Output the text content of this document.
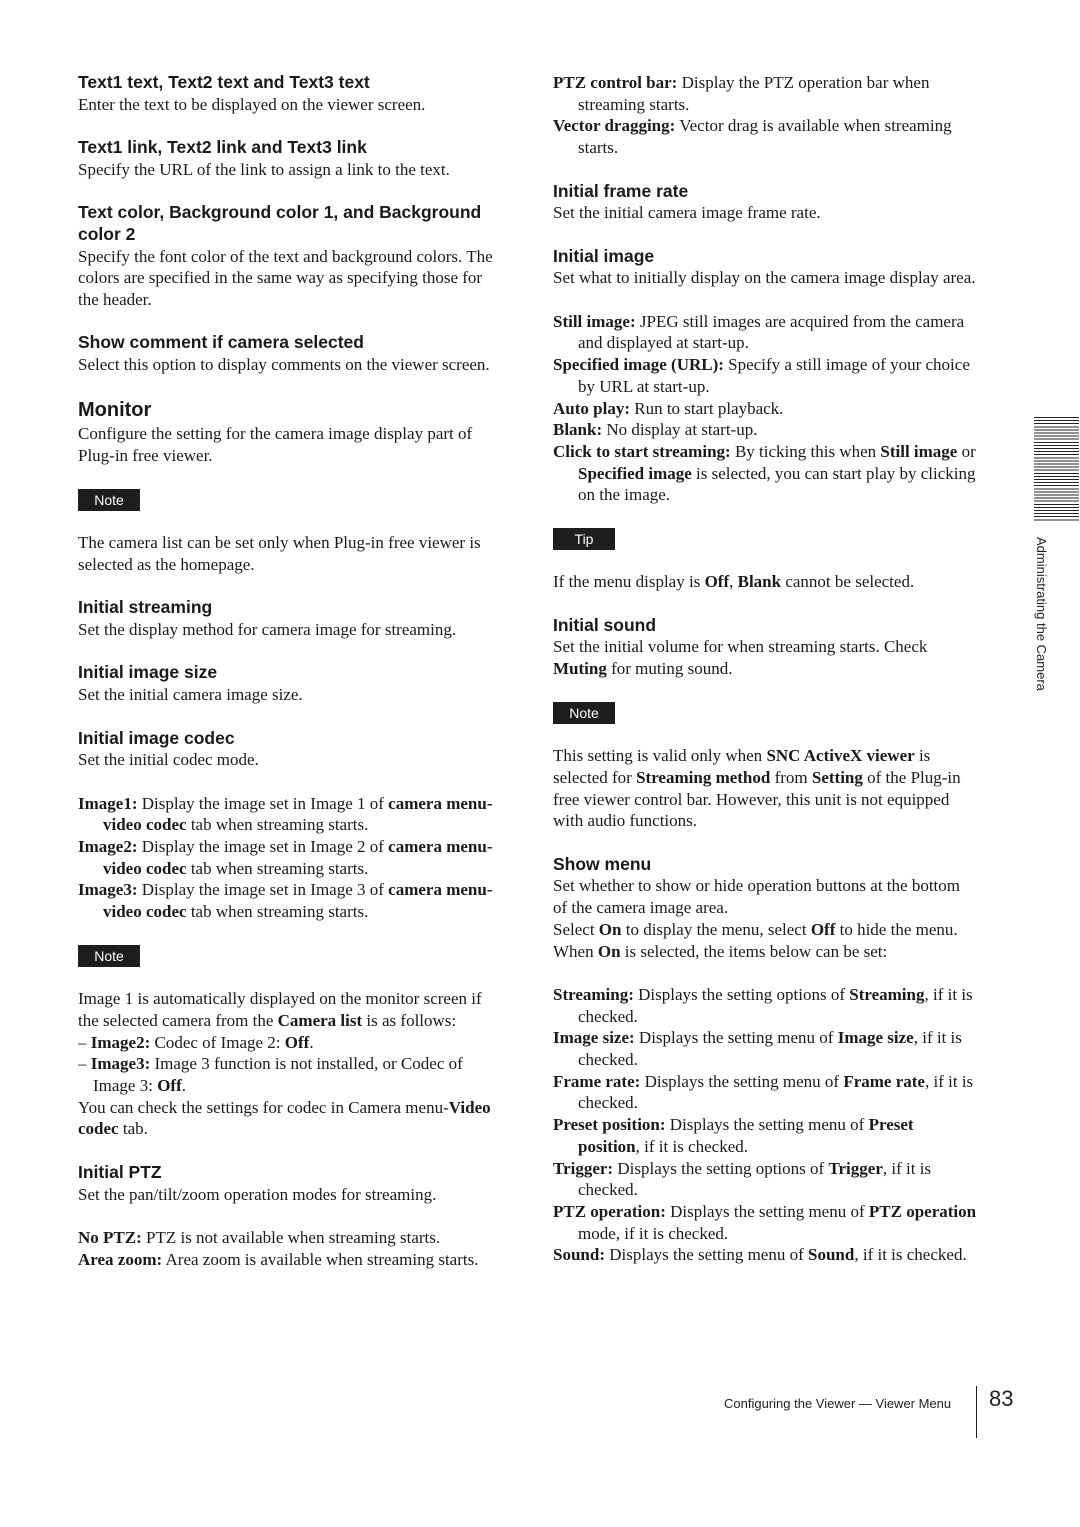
Text1 text, Text2 text and Text3 text

Enter the text to be displayed on the viewer screen.

Text1 link, Text2 link and Text3 link

Specify the URL of the link to assign a link to the text.

Text color, Background color 1, and Background color 2

Specify the font color of the text and background colors. The colors are specified in the same way as specifying those for the header.

Show comment if camera selected

Select this option to display comments on the viewer screen.

Monitor

Configure the setting for the camera image display part of Plug-in free viewer.

Note

The camera list can be set only when Plug-in free viewer is selected as the homepage.

Initial streaming

Set the display method for camera image for streaming.

Initial image size

Set the initial camera image size.

Initial image codec

Set the initial codec mode.

Image1: Display the image set in Image 1 of camera menu-video codec tab when streaming starts.

Image2: Display the image set in Image 2 of camera menu-video codec tab when streaming starts.

Image3: Display the image set in Image 3 of camera menu-video codec tab when streaming starts.

Note

Image 1 is automatically displayed on the monitor screen if the selected camera from the Camera list is as follows:

– Image2: Codec of Image 2: Off.

– Image3: Image 3 function is not installed, or Codec of Image 3: Off.

You can check the settings for codec in Camera menu-Video codec tab.

Initial PTZ

Set the pan/tilt/zoom operation modes for streaming.

No PTZ: PTZ is not available when streaming starts.

Area zoom: Area zoom is available when streaming starts.

PTZ control bar: Display the PTZ operation bar when streaming starts.

Vector dragging: Vector drag is available when streaming starts.

Initial frame rate

Set the initial camera image frame rate.

Initial image

Set what to initially display on the camera image display area.

Still image: JPEG still images are acquired from the camera and displayed at start-up.

Specified image (URL): Specify a still image of your choice by URL at start-up.

Auto play: Run to start playback.

Blank: No display at start-up.

Click to start streaming: By ticking this when Still image or Specified image is selected, you can start play by clicking on the image.

Tip

If the menu display is Off, Blank cannot be selected.

Initial sound

Set the initial volume for when streaming starts. Check Muting for muting sound.

Note

This setting is valid only when SNC ActiveX viewer is selected for Streaming method from Setting of the Plug-in free viewer control bar. However, this unit is not equipped with audio functions.

Show menu

Set whether to show or hide operation buttons at the bottom of the camera image area.

Select On to display the menu, select Off to hide the menu.

When On is selected, the items below can be set:

Streaming: Displays the setting options of Streaming, if it is checked.

Image size: Displays the setting menu of Image size, if it is checked.

Frame rate: Displays the setting menu of Frame rate, if it is checked.

Preset position: Displays the setting menu of Preset position, if it is checked.

Trigger: Displays the setting options of Trigger, if it is checked.

PTZ operation: Displays the setting menu of PTZ operation mode, if it is checked.

Sound: Displays the setting menu of Sound, if it is checked.

Administrating the Camera
Configuring the Viewer — Viewer Menu 83
